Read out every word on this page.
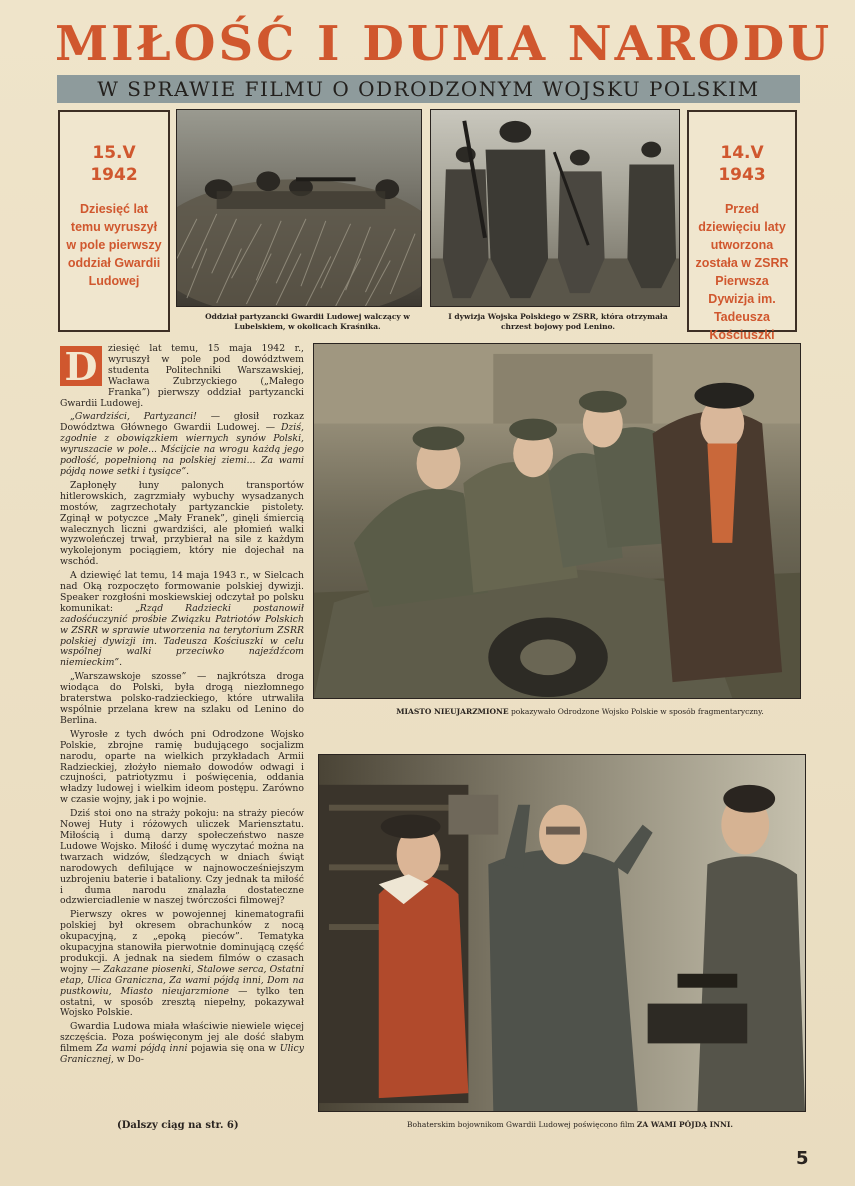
MIŁOŚĆ I DUMA NARODU
W SPRAWIE FILMU O ODRODZONYM WOJSKU POLSKIM
15.V
1942
Dziesięć lat temu wyruszył w pole pierwszy oddział Gwardii Ludowej
14.V
1943
Przed dziewięciu laty utworzona została w ZSRR Pierwsza Dywizja im. Tadeusza Kościuszki
Oddział partyzancki Gwardii Ludowej walczący w Lubelskiem, w okolicach Kraśnika.
I dywizja Wojska Polskiego w ZSRR, która otrzymała chrzest bojowy pod Lenino.
MIASTO NIEUJARZMIONE pokazywało Odrodzone Wojsko Polskie w sposób fragmentaryczny.
Bohaterskim bojownikom Gwardii Ludowej poświęcono film ZA WAMI PÓJDĄ INNI.

D	ziesięć lat temu, 15 maja 1942 r., wyruszył w pole pod dowództwem studenta Politechniki Warszawskiej, Wacława Zubrzyckiego („Małego Franka”) pierwszy oddział partyzancki Gwardii Ludowej.

„Gwardziści, Partyzanci! — głosił rozkaz Dowództwa Głównego Gwardii Ludowej. — Dziś, zgodnie z obowiązkiem wiernych synów Polski, wyruszacie w pole... Mścijcie na wrogu każdą jego podłość, popełnioną na polskiej ziemi... Za wami pójdą nowe setki i tysiące”.

Zapłonęły łuny palonych transportów hitlerowskich, zagrzmiały wybuchy wysadzanych mostów, zagrzechotały partyzanckie pistolety. Zginął w potyczce „Mały Franek”, ginęli śmiercią walecznych liczni gwardziści, ale płomień walki wyzwoleńczej trwał, przybierał na sile z każdym wykolejonym pociągiem, który nie dojechał na wschód.

A dziewięć lat temu, 14 maja 1943 r., w Sielcach nad Oką rozpoczęto formowanie polskiej dywizji. Speaker rozgłośni moskiewskiej odczytał po polsku komunikat: „Rząd Radziecki postanowił zadośćuczynić prośbie Związku Patriotów Polskich w ZSRR w sprawie utworzenia na terytorium ZSRR polskiej dywizji im. Tadeusza Kościuszki w celu wspólnej walki przeciwko najeźdźcom niemieckim”.

„Warszawskoje szosse” — najkrótsza droga wiodąca do Polski, była drogą niezłomnego braterstwa polsko-radzieckiego, które utrwaliła wspólnie przelana krew na szlaku od Lenino do Berlina.

Wyrosłe z tych dwóch pni Odrodzone Wojsko Polskie, zbrojne ramię budującego socjalizm narodu, oparte na wielkich przykładach Armii Radzieckiej, złożyło niemało dowodów odwagi i czujności, patriotyzmu i poświęcenia, oddania władzy ludowej i wielkim ideom postępu. Zarówno w czasie wojny, jak i po wojnie.

Dziś stoi ono na straży pokoju: na straży pieców Nowej Huty i różowych uliczek Mariensztatu. Miłością i dumą darzy społeczeństwo nasze Ludowe Wojsko. Miłość i dumę wyczytać można na twarzach widzów, śledzących w dniach świąt narodowych defilujące w najnowocześniejszym uzbrojeniu baterie i bataliony. Czy jednak ta miłość i duma narodu znalazła dostateczne odzwierciadlenie w naszej twórczości filmowej?

Pierwszy okres w powojennej kinematografii polskiej był okresem obrachunków z nocą okupacyjną, z „epoką pieców”. Tematyka okupacyjna stanowiła pierwotnie dominującą część produkcji. A jednak na siedem filmów o czasach wojny — Zakazane piosenki, Stalowe serca, Ostatni etap, Ulica Graniczna, Za wami pójdą inni, Dom na pustkowiu, Miasto nieujarzmione — tylko ten ostatni, w sposób zresztą niepełny, pokazywał Wojsko Polskie.

Gwardia Ludowa miała właściwie niewiele więcej szczęścia. Poza poświęconym jej ale dość słabym filmem Za wami pójdą inni pojawia się ona w Ulicy Granicznej, w Do-

(Dalszy ciąg na str. 6)
5
